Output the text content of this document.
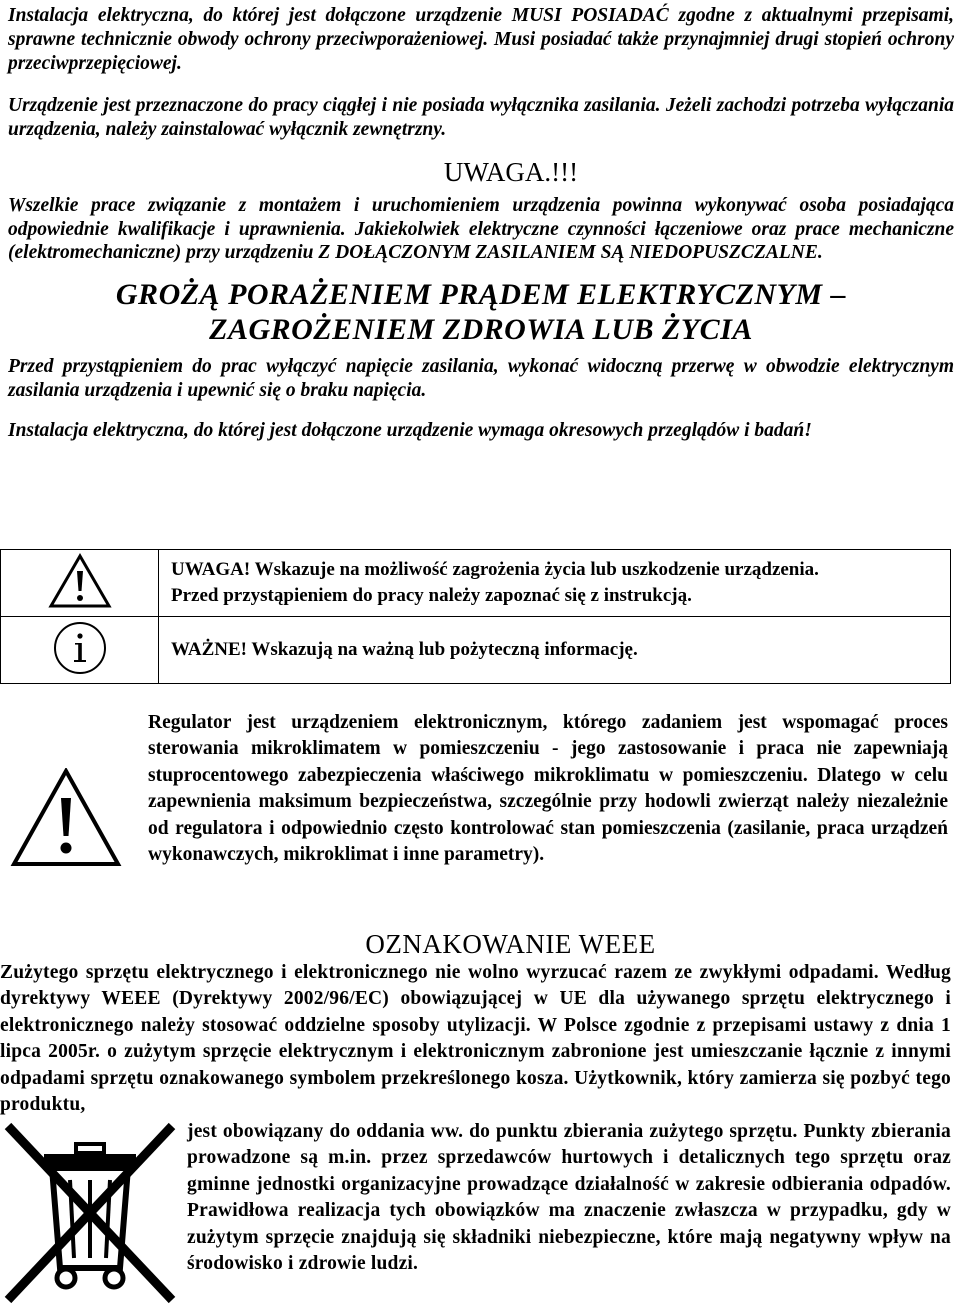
Instalacja elektryczna, do której jest dołączone urządzenie MUSI POSIADAĆ zgodne z aktualnymi przepisami, sprawne technicznie obwody ochrony przeciwporażeniowej. Musi posiadać także przynajmniej drugi stopień ochrony przeciwprzepięciowej.

Urządzenie jest przeznaczone do pracy ciągłej i nie posiada wyłącznika zasilania. Jeżeli zachodzi potrzeba wyłączania urządzenia, należy zainstalować wyłącznik zewnętrzny.

UWAGA.!!!

Wszelkie prace związanie z montażem i uruchomieniem urządzenia powinna wykonywać osoba posiadająca odpowiednie kwalifikacje i uprawnienia. Jakiekolwiek elektryczne czynności łączeniowe oraz prace mechaniczne (elektromechaniczne) przy urządzeniu Z DOŁĄCZONYM ZASILANIEM SĄ NIEDOPUSZCZALNE.

GROŻĄ PORAŻENIEM PRĄDEM ELEKTRYCZNYM –
ZAGROŻENIEM ZDROWIA LUB ŻYCIA

Przed przystąpieniem do prac wyłączyć napięcie zasilania, wykonać widoczną przerwę w obwodzie elektrycznym zasilania urządzenia i upewnić się o braku napięcia.

Instalacja elektryczna, do której jest dołączone urządzenie wymaga okresowych przeglądów i badań!

UWAGA! Wskazuje na możliwość zagrożenia życia lub uszkodzenie urządzenia.
Przed przystąpieniem do pracy należy zapoznać się z instrukcją.

	WAŻNE! Wskazują na ważną lub pożyteczną informację.
Regulator jest urządzeniem elektronicznym, którego zadaniem jest wspomagać proces sterowania mikroklimatem w pomieszczeniu - jego zastosowanie i praca nie zapewniają stuprocentowego zabezpieczenia właściwego mikroklimatu w pomieszczeniu. Dlatego w celu zapewnienia maksimum bezpieczeństwa, szczególnie przy hodowli zwierząt należy niezależnie od regulatora i odpowiednio często kontrolować stan pomieszczenia (zasilanie, praca urządzeń wykonawczych, mikroklimat i inne parametry).
OZNAKOWANIE WEEE
Zużytego sprzętu elektrycznego i elektronicznego nie wolno wyrzucać razem ze zwykłymi odpadami. Według dyrektywy WEEE (Dyrektywy 2002/96/EC) obowiązującej w UE dla używanego sprzętu elektrycznego i elektronicznego należy stosować oddzielne sposoby utylizacji. W Polsce zgodnie z przepisami ustawy z dnia 1 lipca 2005r. o zużytym sprzęcie elektrycznym i elektronicznym zabronione jest umieszczanie łącznie z innymi odpadami sprzętu oznakowanego symbolem przekreślonego kosza. Użytkownik, który zamierza się pozbyć tego produktu,
jest obowiązany do oddania ww. do punktu zbierania zużytego sprzętu. Punkty zbierania prowadzone są m.in. przez sprzedawców hurtowych i detalicznych tego sprzętu oraz gminne jednostki organizacyjne prowadzące działalność w zakresie odbierania odpadów. Prawidłowa realizacja tych obowiązków ma znaczenie zwłaszcza w przypadku, gdy w zużytym sprzęcie znajdują się składniki niebezpieczne, które mają negatywny wpływ na środowisko i zdrowie ludzi.
